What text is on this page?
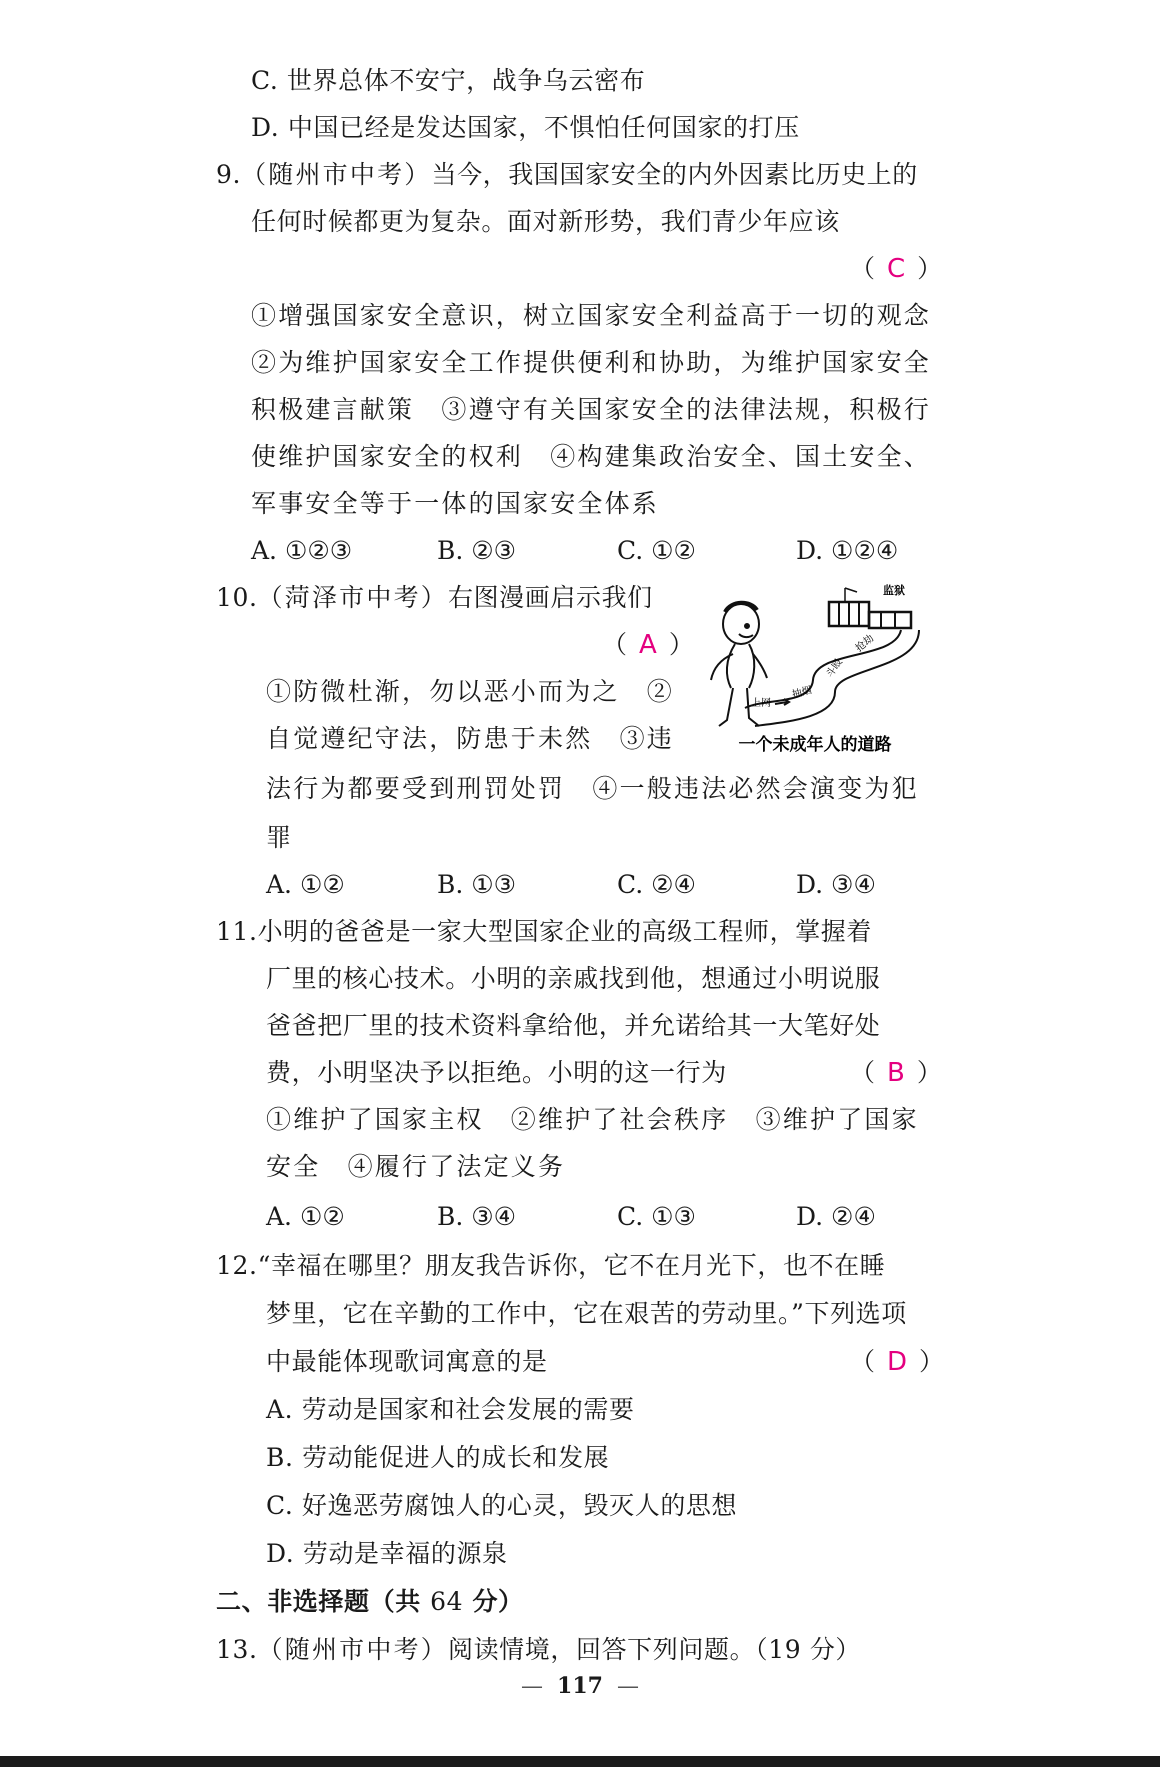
C. 世界总体不安宁，战争乌云密布
D. 中国已经是发达国家，不惧怕任何国家的打压
9.（随州市中考）当今，我国国家安全的内外因素比历史上的
任何时候都更为复杂。面对新形势，我们青少年应该
（ C ）
①增强国家安全意识，树立国家安全利益高于一切的观念
②为维护国家安全工作提供便利和协助，为维护国家安全
积极建言献策　③遵守有关国家安全的法律法规，积极行
使维护国家安全的权利　④构建集政治安全、国土安全、
军事安全等于一体的国家安全体系
A. ①②③	B. ②③	C. ①②	D. ①②④
10.（菏泽市中考）右图漫画启示我们
（ A ）
①防微杜渐，勿以恶小而为之　②
自觉遵纪守法，防患于未然　③违
法行为都要受到刑罚处罚　④一般违法必然会演变为犯
罪
A. ①②	B. ①③	C. ②④	D. ③④
监狱
抢劫
斗殴
抽烟
上网
一个未成年人的道路
11.小明的爸爸是一家大型国家企业的高级工程师，掌握着
厂里的核心技术。小明的亲戚找到他，想通过小明说服
爸爸把厂里的技术资料拿给他，并允诺给其一大笔好处
费，小明坚决予以拒绝。小明的这一行为	（ B ）
①维护了国家主权　②维护了社会秩序　③维护了国家
安全　④履行了法定义务
A. ①②	B. ③④	C. ①③	D. ②④
12.“幸福在哪里？朋友我告诉你，它不在月光下，也不在睡
梦里，它在辛勤的工作中，它在艰苦的劳动里。”下列选项
中最能体现歌词寓意的是	（ D ）
A. 劳动是国家和社会发展的需要
B. 劳动能促进人的成长和发展
C. 好逸恶劳腐蚀人的心灵，毁灭人的思想
D. 劳动是幸福的源泉
二、非选择题（共 64 分）
13.（随州市中考）阅读情境，回答下列问题。（19 分）
— 117 —
